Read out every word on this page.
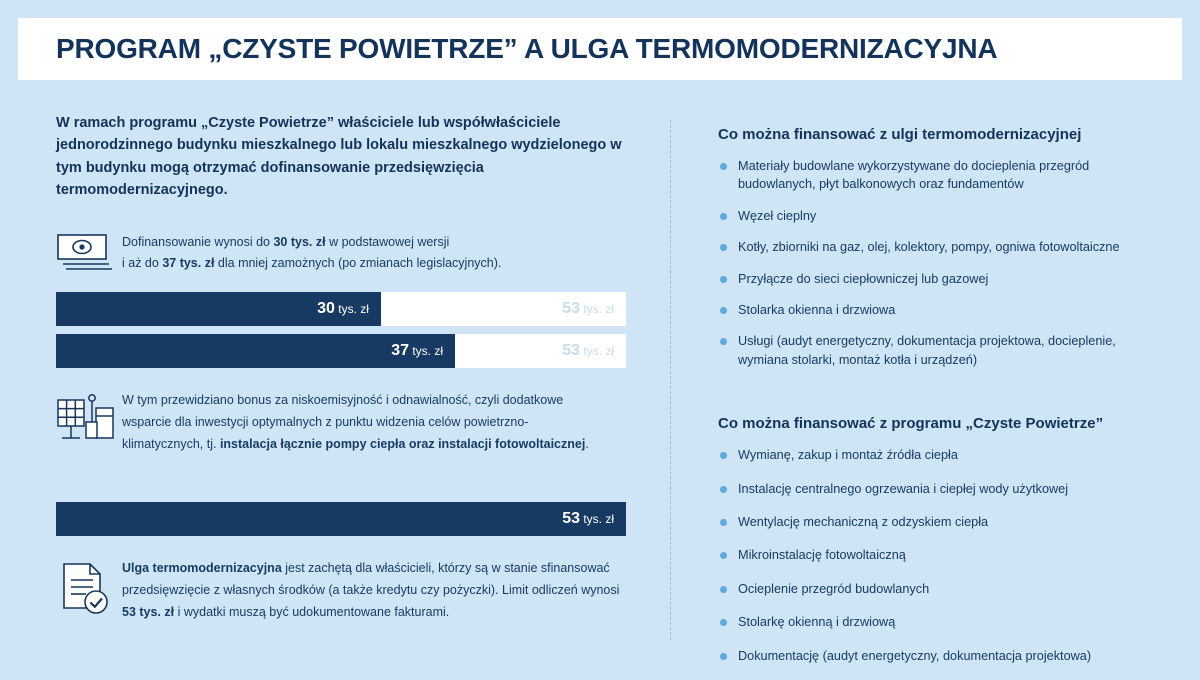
PROGRAM „CZYSTE POWIETRZE” A ULGA TERMOMODERNIZACYJNA
W ramach programu „Czyste Powietrze” właściciele lub współwłaściciele jednorodzinnego budynku mieszkalnego lub lokalu mieszkalnego wydzielonego w tym budynku mogą otrzymać dofinansowanie przedsięwzięcia termomodernizacyjnego.
Dofinansowanie wynosi do 30 tys. zł w podstawowej wersji
i aż do 37 tys. zł dla mniej zamożnych (po zmianach legislacyjnych).
30 tys. zł	53 tys. zł
37 tys. zł	53 tys. zł
W tym przewidziano bonus za niskoemisyjność i odnawialność, czyli dodatkowe wsparcie dla inwestycji optymalnych z punktu widzenia celów powietrzno-klimatycznych, tj. instalacja łącznie pompy ciepła oraz instalacji fotowoltaicznej.
53 tys. zł
Ulga termomodernizacyjna jest zachętą dla właścicieli, którzy są w stanie sfinansować przedsięwzięcie z własnych środków (a także kredytu czy pożyczki). Limit odliczeń wynosi 53 tys. zł i wydatki muszą być udokumentowane fakturami.
Co można finansować z ulgi termomodernizacyjnej
Materiały budowlane wykorzystywane do docieplenia przegród budowlanych, płyt balkonowych oraz fundamentów
Węzeł cieplny
Kotły, zbiorniki na gaz, olej, kolektory, pompy, ogniwa fotowoltaiczne
Przyłącze do sieci ciepłowniczej lub gazowej
Stolarka okienna i drzwiowa
Usługi (audyt energetyczny, dokumentacja projektowa, docieplenie, wymiana stolarki, montaż kotła i urządzeń)
Co można finansować z programu „Czyste Powietrze”
Wymianę, zakup i montaż źródła ciepła
Instalację centralnego ogrzewania i ciepłej wody użytkowej
Wentylację mechaniczną z odzyskiem ciepła
Mikroinstalację fotowoltaiczną
Ocieplenie przegród budowlanych
Stolarkę okienną i drzwiową
Dokumentację (audyt energetyczny, dokumentacja projektowa)
